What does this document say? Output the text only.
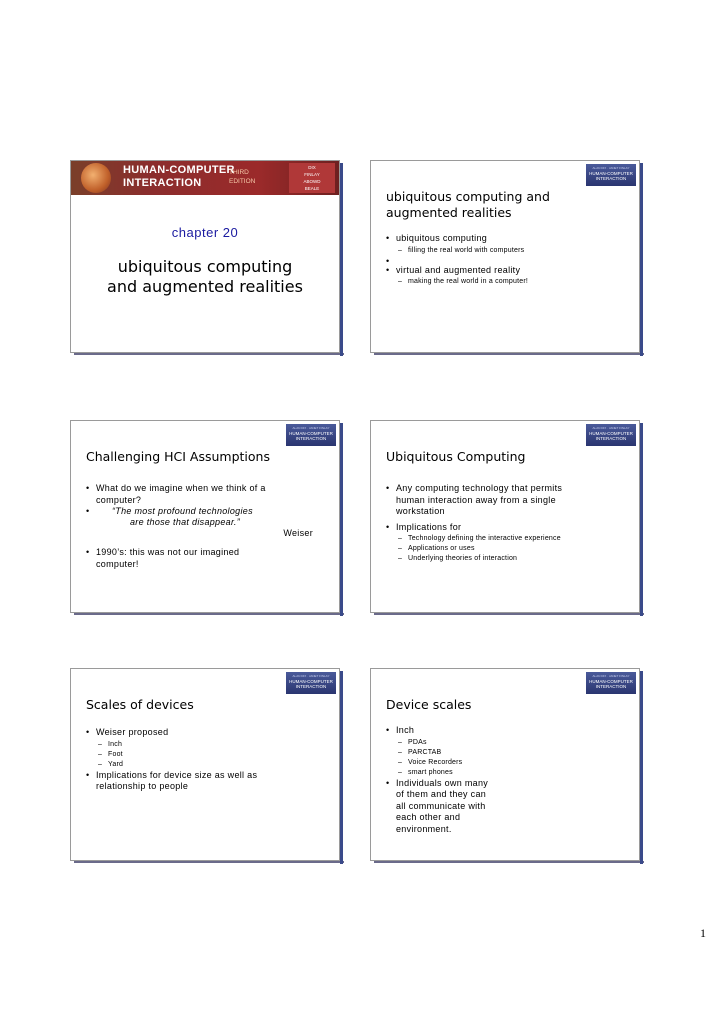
HUMAN-COMPUTER
INTERACTION
THIRD
EDITION
DIX
FINLAY
ABOWD
BEALE
chapter 20
ubiquitous computing
and augmented realities
ALAN DIX · JANET FINLAY
HUMAN-COMPUTER
INTERACTION
ubiquitous computing and
augmented realities
• ubiquitous computing
– filling the real world with computers
•
• virtual and augmented reality
– making the real world in a computer!
ALAN DIX · JANET FINLAY
HUMAN-COMPUTER
INTERACTION
Challenging HCI Assumptions
• What do we imagine when we think of a
computer?
• “The most profound technologies
are those that disappear.”
Weiser
• 1990’s: this was not our imagined
computer!
ALAN DIX · JANET FINLAY
HUMAN-COMPUTER
INTERACTION
Ubiquitous Computing
• Any computing technology that permits
human interaction away from a single
workstation
• Implications for
– Technology defining the interactive experience
– Applications or uses
– Underlying theories of interaction
ALAN DIX · JANET FINLAY
HUMAN-COMPUTER
INTERACTION
Scales of devices
• Weiser proposed
– Inch
– Foot
– Yard
• Implications for device size as well as
relationship to people
ALAN DIX · JANET FINLAY
HUMAN-COMPUTER
INTERACTION
Device scales
• Inch
– PDAs
– PARCTAB
– Voice Recorders
– smart phones
• Individuals own many
of them and they can
all communicate with
each other and
environment.
1
